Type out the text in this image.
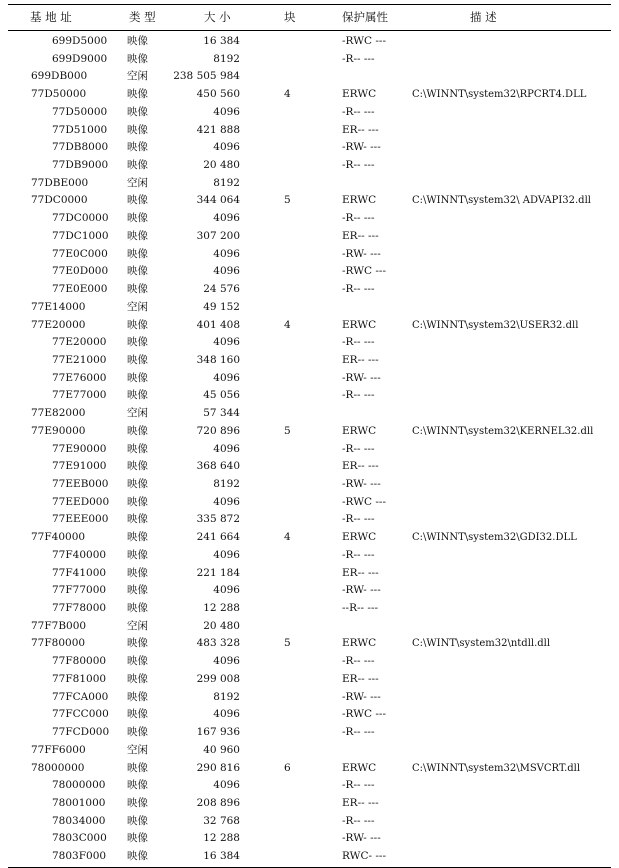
基 地 址	类 型	大 小	块	保护属性	描 述
699D5000 映像	16 384	-RWC ---
699D9000 映像	8192	-R-- ---
699DB000	空闲	238 505 984
77D50000	映像	450 560	4	ERWC	C:\WINNT\system32\RPCRT4.DLL
77D50000 映像	4096	-R-- ---
77D51000 映像	421 888	ER-- ---
77DB8000 映像	4096	-RW- ---
77DB9000 映像	20 480	-R-- ---
77DBE000	空闲	8192
77DC0000	映像	344 064	5	ERWC	C:\WINNT\system32\ ADVAPI32.dll
77DC0000 映像	4096	-R-- ---
77DC1000 映像	307 200	ER-- ---
77E0C000 映像	4096	-RW- ---
77E0D000 映像	4096	-RWC ---
77E0E000 映像	24 576	-R-- ---
77E14000	空闲	49 152
77E20000	映像	401 408	4	ERWC	C:\WINNT\system32\USER32.dll
77E20000 映像	4096	-R-- ---
77E21000 映像	348 160	ER-- ---
77E76000 映像	4096	-RW- ---
77E77000 映像	45 056	-R-- ---
77E82000	空闲	57 344
77E90000	映像	720 896	5	ERWC	C:\WINNT\system32\KERNEL32.dll
77E90000 映像	4096	-R-- ---
77E91000 映像	368 640	ER-- ---
77EEB000 映像	8192	-RW- ---
77EED000 映像	4096	-RWC ---
77EEE000 映像	335 872	-R-- ---
77F40000	映像	241 664	4	ERWC	C:\WINNT\system32\GDI32.DLL
77F40000 映像	4096	-R-- ---
77F41000 映像	221 184	ER-- ---
77F77000 映像	4096	-RW- ---
77F78000 映像	12 288	--R-- ---
77F7B000	空闲	20 480
77F80000	映像	483 328	5	ERWC	C:\WINT\system32\ntdll.dll
77F80000 映像	4096	-R-- ---
77F81000 映像	299 008	ER-- ---
77FCA000 映像	8192	-RW- ---
77FCC000 映像	4096	-RWC ---
77FCD000 映像	167 936	-R-- ---
77FF6000	空闲	40 960
78000000	映像	290 816	6	ERWC	C:\WINNT\system32\MSVCRT.dll
78000000 映像	4096	-R-- ---
78001000 映像	208 896	ER-- ---
78034000 映像	32 768	-R-- ---
7803C000 映像	12 288	-RW- ---
7803F000 映像	16 384	RWC- ---
